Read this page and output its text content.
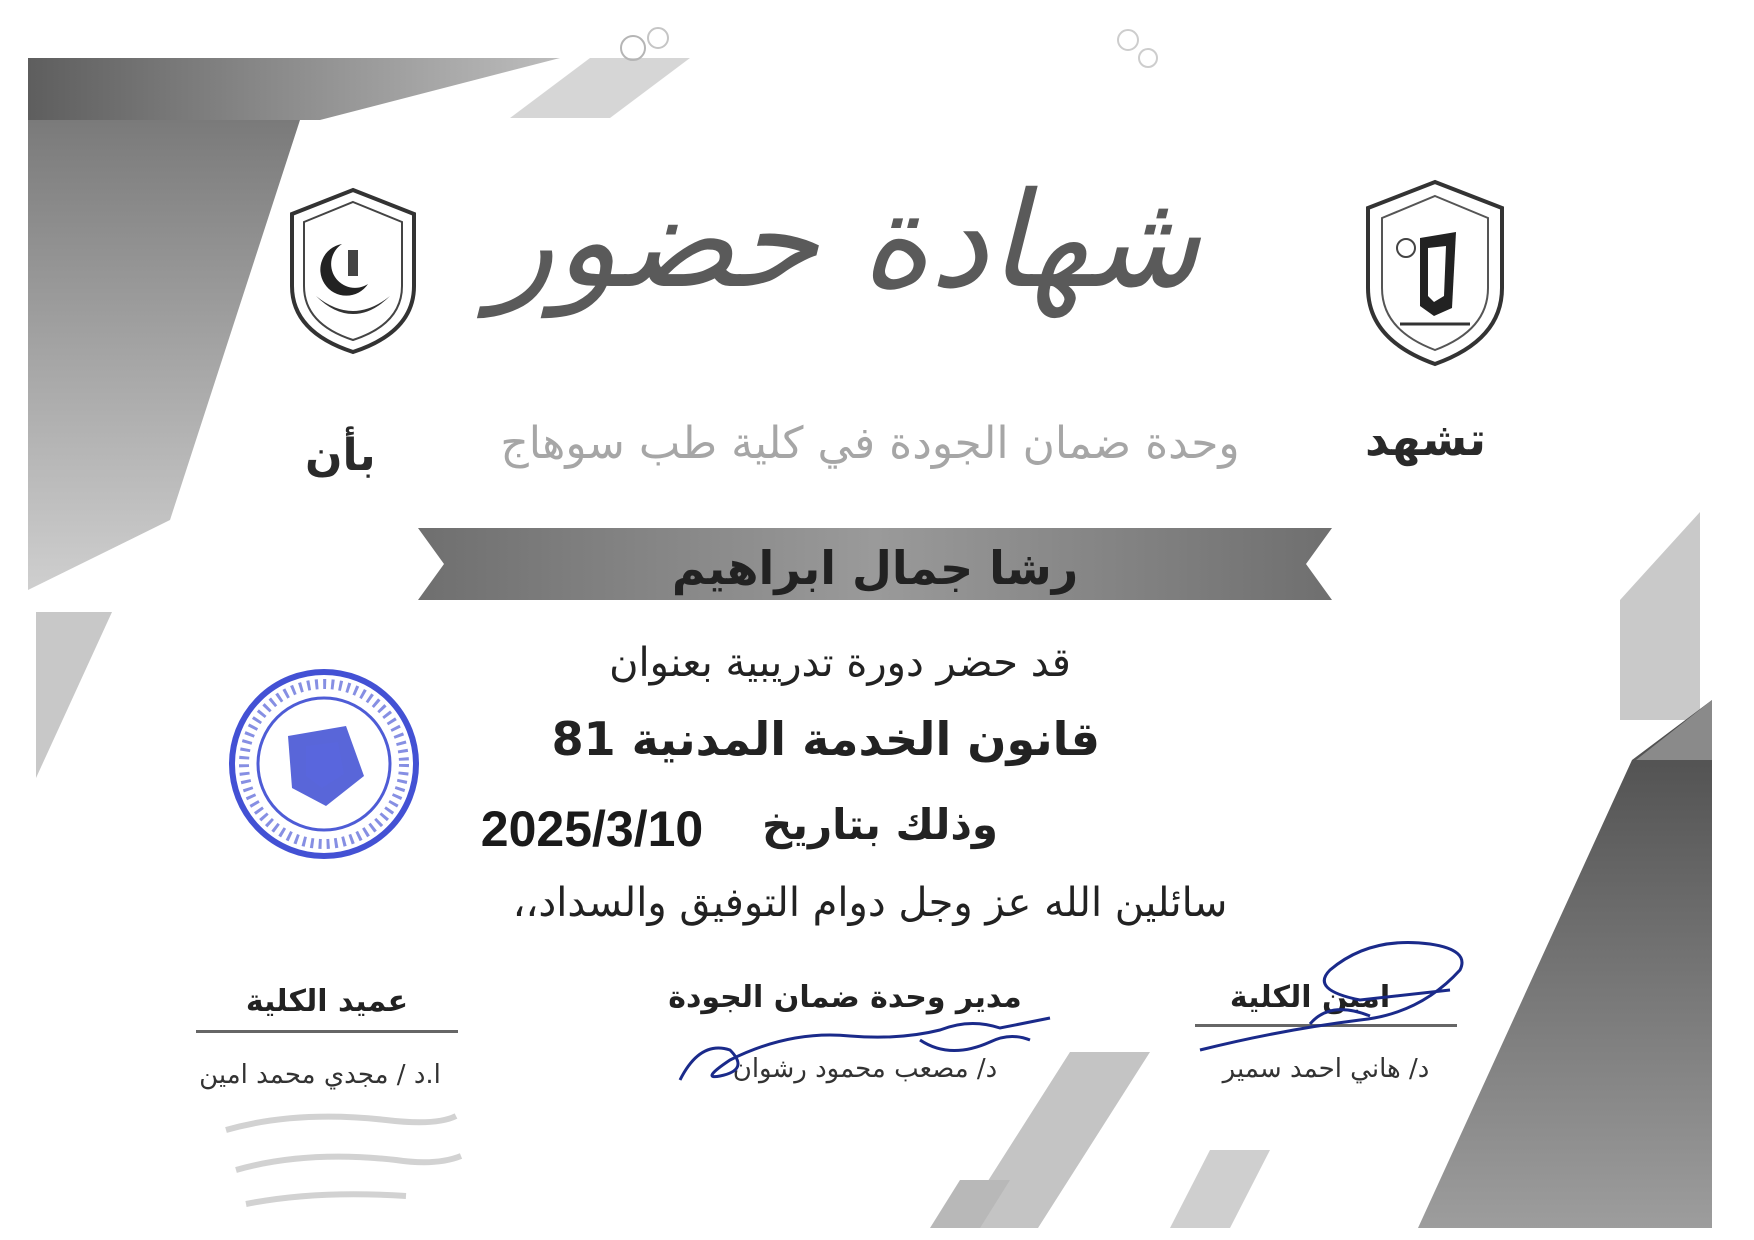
شهادة حضور
تشهد
وحدة ضمان الجودة في كلية طب سوهاج
بأن
رشا جمال ابراهيم
قد حضر دورة تدريبية بعنوان
قانون الخدمة المدنية 81
وذلك بتاريخ
2025/3/10
سائلين الله عز وجل دوام التوفيق والسداد،،
امين الكلية
د/ هاني احمد سمير
مدير وحدة ضمان الجودة
د/ مصعب محمود رشوان
عميد الكلية
ا.د / مجدي محمد امين
